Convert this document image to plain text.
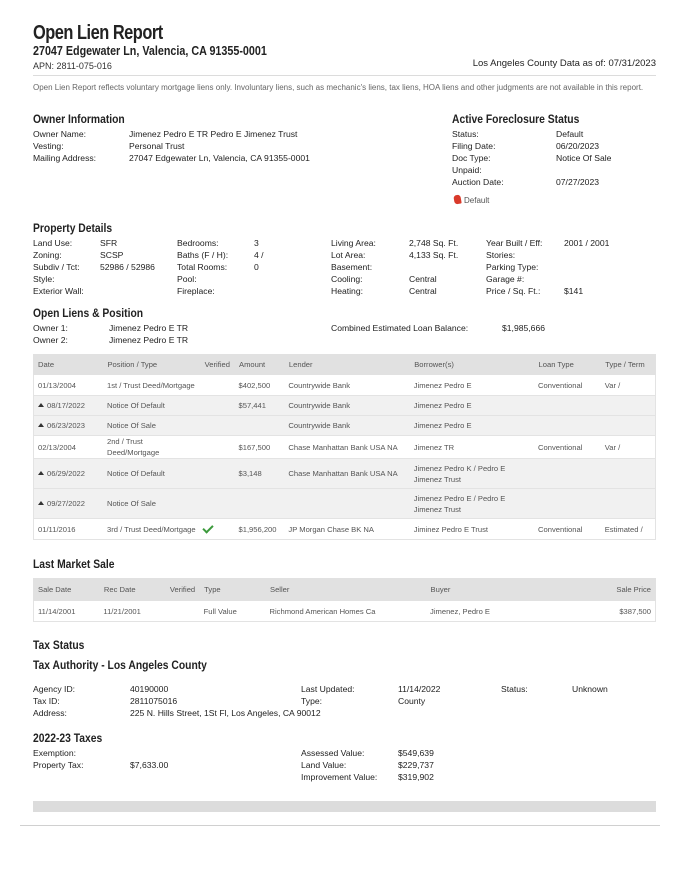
Open Lien Report
27047 Edgewater Ln, Valencia, CA 91355-0001
APN: 2811-075-016	Los Angeles County Data as of: 07/31/2023
Open Lien Report reflects voluntary mortgage liens only. Involuntary liens, such as mechanic's liens, tax liens, HOA liens and other judgments are not available in this report.
Owner Information
Owner Name:	Jimenez Pedro E TR Pedro E Jimenez Trust
Vesting:	Personal Trust
Mailing Address:	27047 Edgewater Ln, Valencia, CA 91355-0001
Active Foreclosure Status
Status:	Default
Filing Date:	06/20/2023
Doc Type:	Notice Of Sale
Unpaid:
Auction Date:	07/27/2023
Default
Property Details
Land Use:	SFR
Zoning:	SCSP
Subdiv / Tct: 52986 / 52986
Style:
Exterior Wall:
Bedrooms:	3
Baths (F / H):	4 /
Total Rooms:	0
Pool:
Fireplace:
Living Area:	2,748 Sq. Ft.
Lot Area:	4,133 Sq. Ft.
Basement:
Cooling:	Central
Heating:	Central
Year Built / Eff:	2001 / 2001
Stories:
Parking Type:
Garage #:
Price / Sq. Ft.:	$141
Open Liens & Position
Owner 1:	Jimenez Pedro E TR
Owner 2:	Jimenez Pedro E TR
Combined Estimated Loan Balance:	$1,985,666
Date	Position / Type	Verified	Amount	Lender	Borrower(s)	Loan Type	Type / Term
01/13/2004	1st / Trust Deed/Mortgage		$402,500	Countrywide Bank	Jimenez Pedro E	Conventional	Var /
08/17/2022	Notice Of Default		$57,441	Countrywide Bank	Jimenez Pedro E		
06/23/2023	Notice Of Sale			Countrywide Bank	Jimenez Pedro E		
02/13/2004	2nd / Trust Deed/Mortgage		$167,500	Chase Manhattan Bank USA NA	Jimenez TR	Conventional	Var /
06/29/2022	Notice Of Default		$3,148	Chase Manhattan Bank USA NA	Jimenez Pedro K / Pedro E Jimenez Trust		
09/27/2022	Notice Of Sale				Jimenez Pedro E / Pedro E Jimenez Trust		
01/11/2016	3rd / Trust Deed/Mortgage		$1,956,200	JP Morgan Chase BK NA	Jiminez Pedro E Trust	Conventional	Estimated /
Last Market Sale
Sale Date	Rec Date	Verified	Type	Seller	Buyer	Sale Price
11/14/2001	11/21/2001		Full Value	Richmond American Homes Ca	Jimenez, Pedro E	$387,500
Tax Status
Tax Authority - Los Angeles County
Agency ID:	40190000
Tax ID:	2811075016
Address:	225 N. Hills Street, 1St Fl, Los Angeles, CA 90012
Last Updated:	11/14/2022
Type:	County
Status:	Unknown
2022-23 Taxes
Exemption:
Property Tax:	$7,633.00
Assessed Value:	$549,639
Land Value:	$229,737
Improvement Value: $319,902
